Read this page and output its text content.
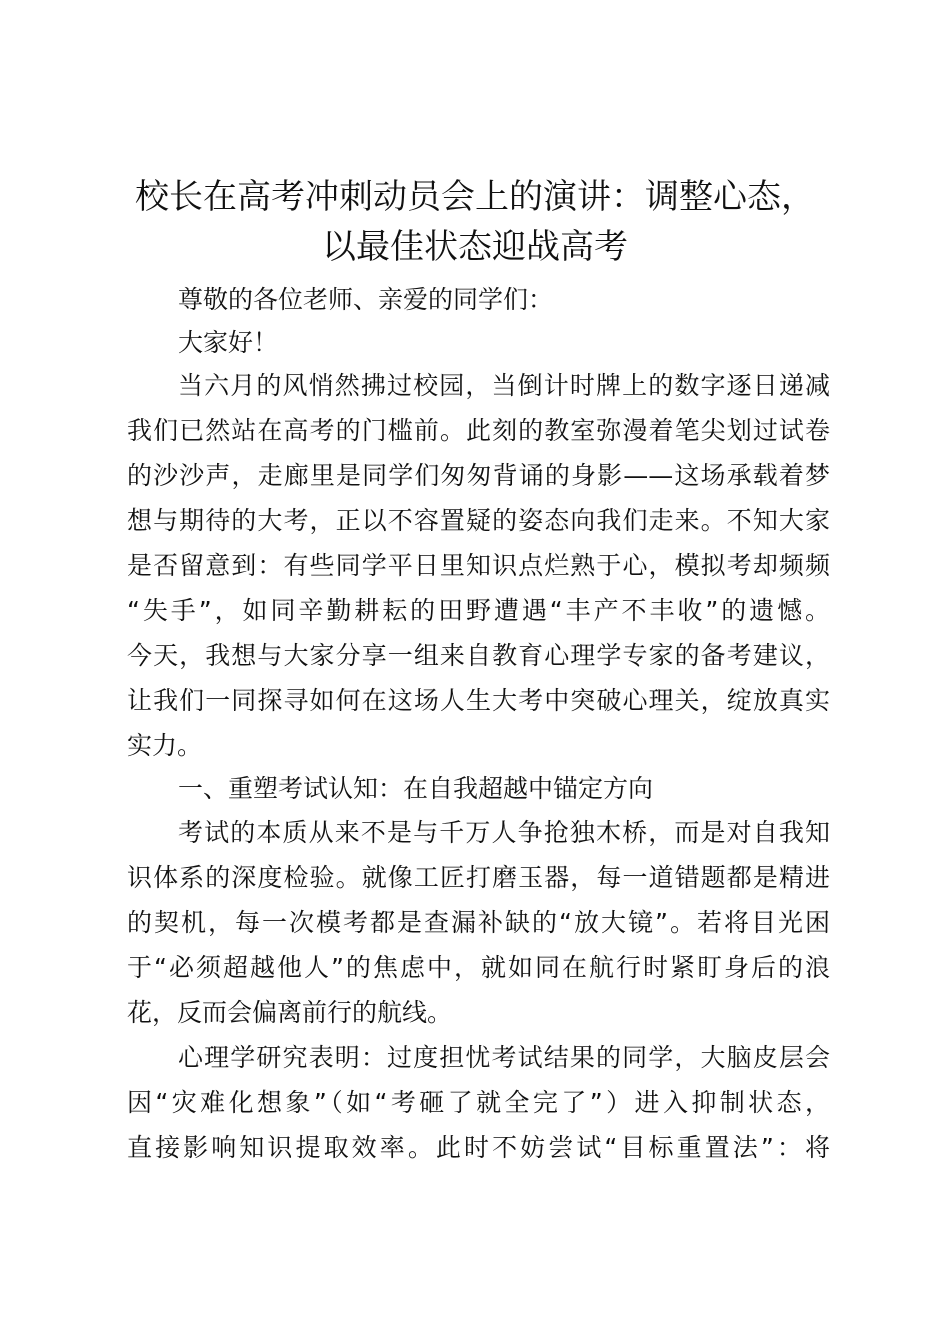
校长在高考冲刺动员会上的演讲：调整心态，
以最佳状态迎战高考
尊敬的各位老师、亲爱的同学们：
大家好！
当六月的风悄然拂过校园，当倒计时牌上的数字逐日递减
我们已然站在高考的门槛前。此刻的教室弥漫着笔尖划过试卷
的沙沙声，走廊里是同学们匆匆背诵的身影——这场承载着梦
想与期待的大考，正以不容置疑的姿态向我们走来。不知大家
是否留意到：有些同学平日里知识点烂熟于心，模拟考却频频
“失手”，如同辛勤耕耘的田野遭遇“丰产不丰收”的遗憾。
今天，我想与大家分享一组来自教育心理学专家的备考建议，
让我们一同探寻如何在这场人生大考中突破心理关，绽放真实
实力。
一、重塑考试认知：在自我超越中锚定方向
考试的本质从来不是与千万人争抢独木桥，而是对自我知
识体系的深度检验。就像工匠打磨玉器，每一道错题都是精进
的契机，每一次模考都是查漏补缺的“放大镜”。若将目光困
于“必须超越他人”的焦虑中，就如同在航行时紧盯身后的浪
花，反而会偏离前行的航线。
心理学研究表明：过度担忧考试结果的同学，大脑皮层会
因“灾难化想象”（如“考砸了就全完了”）进入抑制状态，
直接影响知识提取效率。此时不妨尝试“目标重置法”：将
